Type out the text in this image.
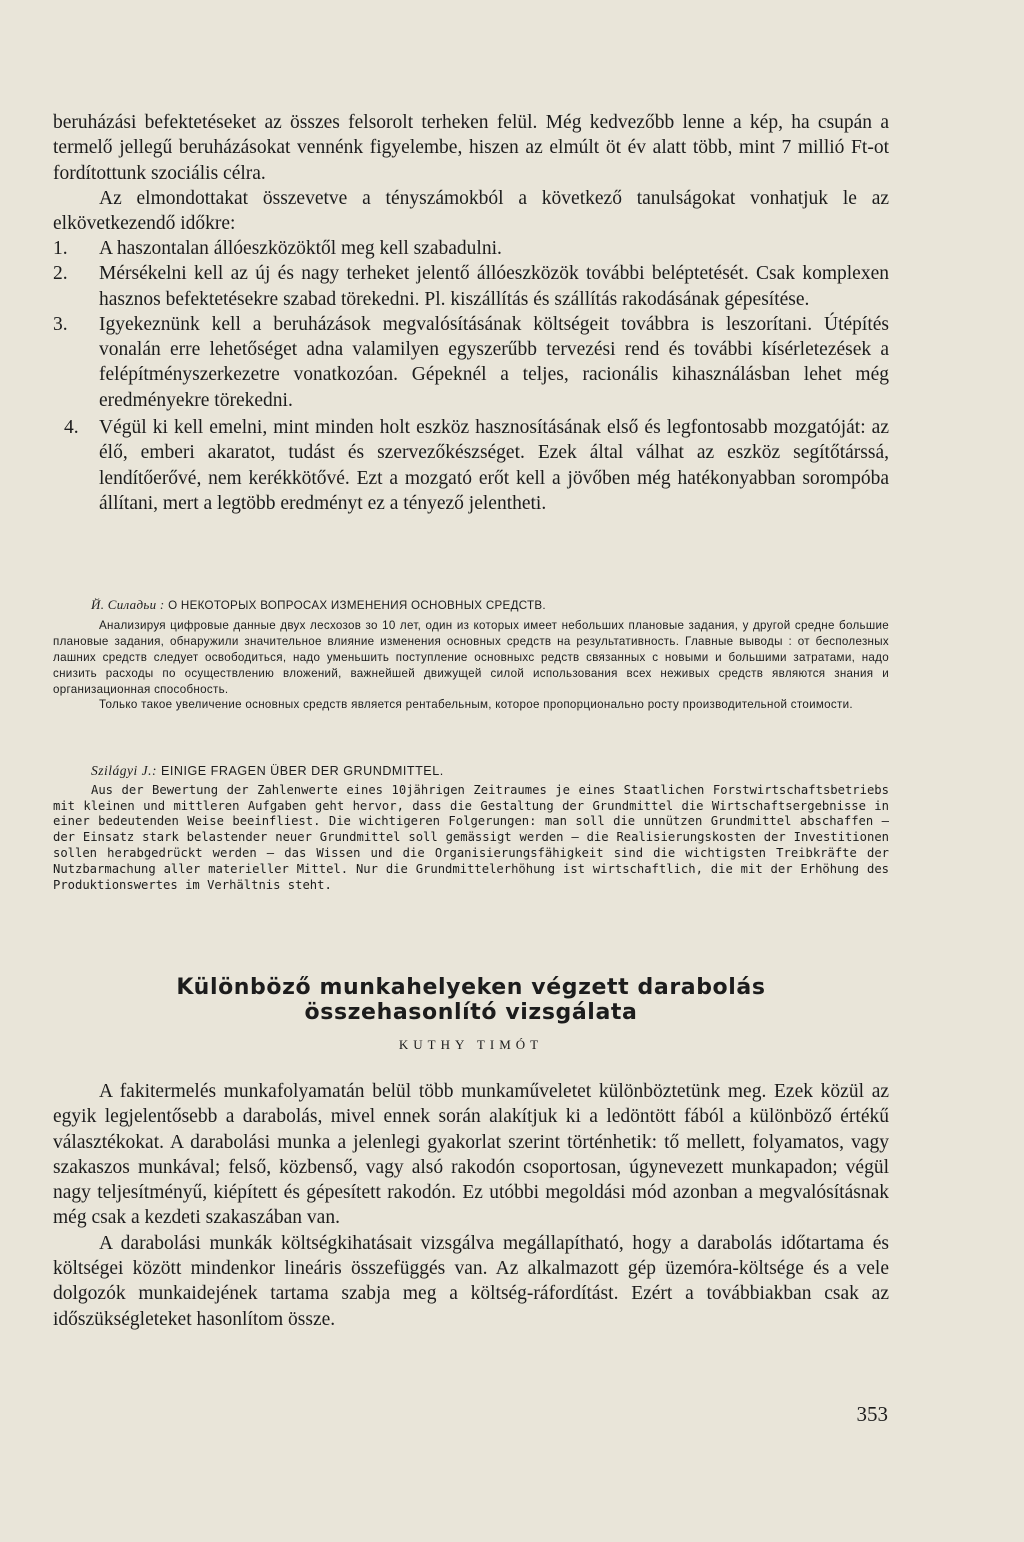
beruházási befektetéseket az összes felsorolt terheken felül. Még kedvezőbb lenne a kép, ha csupán a termelő jellegű beruházásokat vennénk figyelembe, hiszen az elmúlt öt év alatt több, mint 7 millió Ft-ot fordítottunk szociális célra.

Az elmondottakat összevetve a tényszámokból a következő tanulságokat vonhatjuk le az elkövetkezendő időkre:

1.	A haszontalan állóeszközöktől meg kell szabadulni.
2.	Mérsékelni kell az új és nagy terheket jelentő állóeszközök további beléptetését. Csak komplexen hasznos befektetésekre szabad törekedni. Pl. kiszállítás és szállítás rakodásának gépesítése.
3.	Igyekeznünk kell a beruházások megvalósításának költségeit továbbra is leszorítani. Útépítés vonalán erre lehetőséget adna valamilyen egyszerűbb tervezési rend és további kísérletezések a felépítményszerkezetre vonatkozóan. Gépeknél a teljes, racionális kihasználásban lehet még eredményekre törekedni.
4.	Végül ki kell emelni, mint minden holt eszköz hasznosításának első és legfontosabb mozgatóját: az élő, emberi akaratot, tudást és szervezőkészséget. Ezek által válhat az eszköz segítőtárssá, lendítőerővé, nem kerékkötővé. Ezt a mozgató erőt kell a jövőben még hatékonyabban sorompóba állítani, mert a legtöbb eredményt ez a tényező jelentheti.
Й. Силадьи : О НЕКОТОРЫХ ВОПРОСАХ ИЗМЕНЕНИЯ ОСНОВНЫХ СРЕДСТВ.
Анализируя цифровые данные двух лесхозов зо 10 лет, один из которых имеет небольших плановые задания, у другой средне большие плановые задания, обнаружили значительное влияние изменения основных средств на результативность. Главные выводы : от бесполезных лашних средств следует освободиться, надо уменьшить поступление основныхс редств связанных с новыми и большими затратами, надо снизить расходы по осуществлению вложений, важнейшей движущей силой использования всех неживых средств являются знания и организационная способность.
Только такое увеличение основных средств является рентабельным, которое пропорционально росту производительной стоимости.
Szilágyi J.: EINIGE FRAGEN ÜBER DER GRUNDMITTEL.
Aus der Bewertung der Zahlenwerte eines 10jährigen Zeitraumes je eines Staatlichen Forstwirtschaftsbetriebs mit kleinen und mittleren Aufgaben geht hervor, dass die Gestaltung der Grundmittel die Wirtschaftsergebnisse in einer bedeutenden Weise beeinfliest. Die wichtigeren Folgerungen: man soll die unnützen Grundmittel abschaffen — der Einsatz stark belastender neuer Grundmittel soll gemässigt werden — die Realisierungskosten der Investitionen sollen herabgedrückt werden — das Wissen und die Organisierungsfähigkeit sind die wichtigsten Treibkräfte der Nutzbarmachung aller materieller Mittel. Nur die Grundmittelerhöhung ist wirtschaftlich, die mit der Erhöhung des Produktionswertes im Verhältnis steht.
Különböző munkahelyeken végzett darabolás
összehasonlító vizsgálata
KUTHY TIMÓT

A fakitermelés munkafolyamatán belül több munkaműveletet különböztetünk meg. Ezek közül az egyik legjelentősebb a darabolás, mivel ennek során alakítjuk ki a ledöntött fából a különböző értékű választékokat. A darabolási munka a jelenlegi gyakorlat szerint történhetik: tő mellett, folyamatos, vagy szakaszos munkával; felső, közbenső, vagy alsó rakodón csoportosan, úgynevezett munkapadon; végül nagy teljesítményű, kiépített és gépesített rakodón. Ez utóbbi megoldási mód azonban a megvalósításnak még csak a kezdeti szakaszában van.

A darabolási munkák költségkihatásait vizsgálva megállapítható, hogy a darabolás időtartama és költségei között mindenkor lineáris összefüggés van. Az alkalmazott gép üzemóra-költsége és a vele dolgozók munkaidejének tartama szabja meg a költség-ráfordítást. Ezért a továbbiakban csak az időszükségleteket hasonlítom össze.

353
